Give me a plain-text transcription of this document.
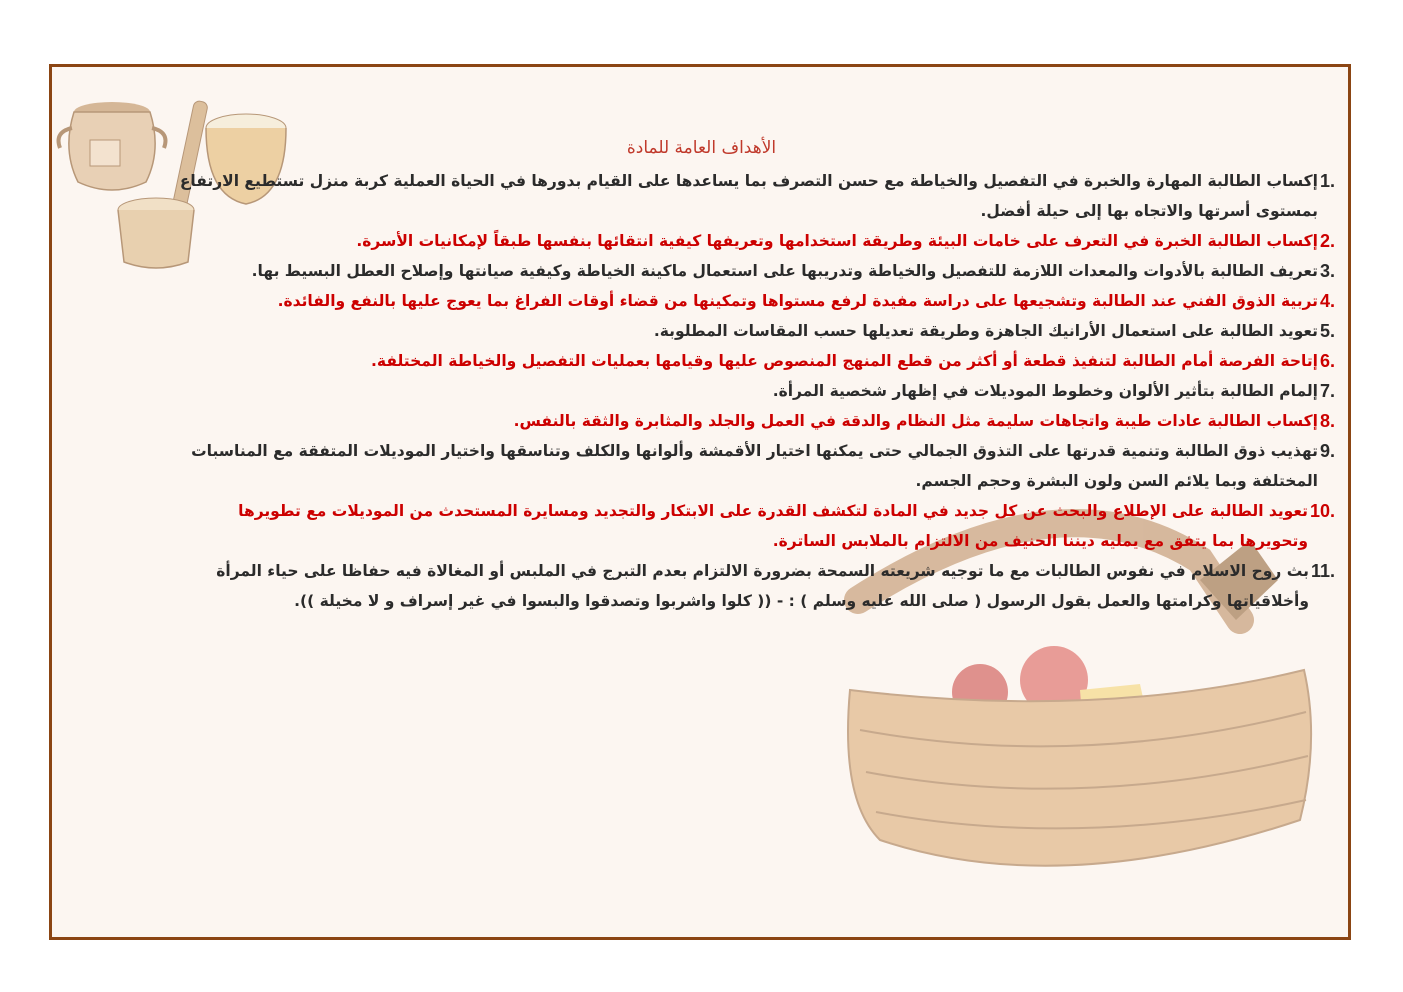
الأهداف العامة للمادة
1.
إكساب الطالبة المهارة والخبرة في التفصيل والخياطة مع حسن التصرف بما يساعدها على القيام بدورها في الحياة العملية كربة منزل تستطيع الارتفاع بمستوى أسرتها والاتجاه بها إلى حيلة أفضل.
2.
إكساب الطالبة الخبرة في التعرف على خامات البيئة وطريقة استخدامها وتعريفها كيفية انتقائها بنفسها طبقاً لإمكانيات الأسرة.
3.
تعريف الطالبة بالأدوات والمعدات اللازمة للتفصيل والخياطة وتدريبها على استعمال ماكينة الخياطة وكيفية صيانتها وإصلاح العطل البسيط بها.
4.
تربية الذوق الفني عند الطالبة وتشجيعها على دراسة مفيدة لرفع مستواها وتمكينها من قضاء أوقات الفراغ بما يعوج عليها بالنفع والفائدة.
5.
تعويد الطالبة على استعمال الأرانيك الجاهزة وطريقة تعديلها حسب المقاسات المطلوبة.
6.
إتاحة الفرصة أمام الطالبة لتنفيذ قطعة أو أكثر من قطع المنهج المنصوص عليها وقيامها بعمليات التفصيل والخياطة المختلفة.
7.
إلمام الطالبة بتأثير الألوان وخطوط الموديلات في إظهار شخصية المرأة.
8.
إكساب الطالبة عادات طيبة واتجاهات سليمة مثل النظام والدقة في العمل والجلد والمثابرة والثقة بالنفس.
9.
تهذيب ذوق الطالبة وتنمية قدرتها على التذوق الجمالي حتى يمكنها اختيار الأقمشة وألوانها والكلف وتناسقها واختيار الموديلات المتفقة مع المناسبات المختلفة وبما يلائم السن ولون البشرة وحجم الجسم.
10.
تعويد الطالبة على الإطلاع والبحث عن كل جديد في المادة لتكشف القدرة على الابتكار والتجديد ومسايرة المستحدث من الموديلات مع تطويرها وتحويرها بما يتفق مع يمليه ديننا الحنيف من الالتزام بالملابس الساترة.
11.
بث روح الاسلام في نفوس الطالبات مع ما توجيه شريعته السمحة بضرورة الالتزام بعدم التبرج في الملبس أو المغالاة فيه حفاظا على حياء المرأة وأخلاقياتها وكرامتها والعمل بقول الرسول ( صلى الله عليه وسلم ) : - (( كلوا واشربوا وتصدقوا والبسوا في غير إسراف و لا مخيلة )).
